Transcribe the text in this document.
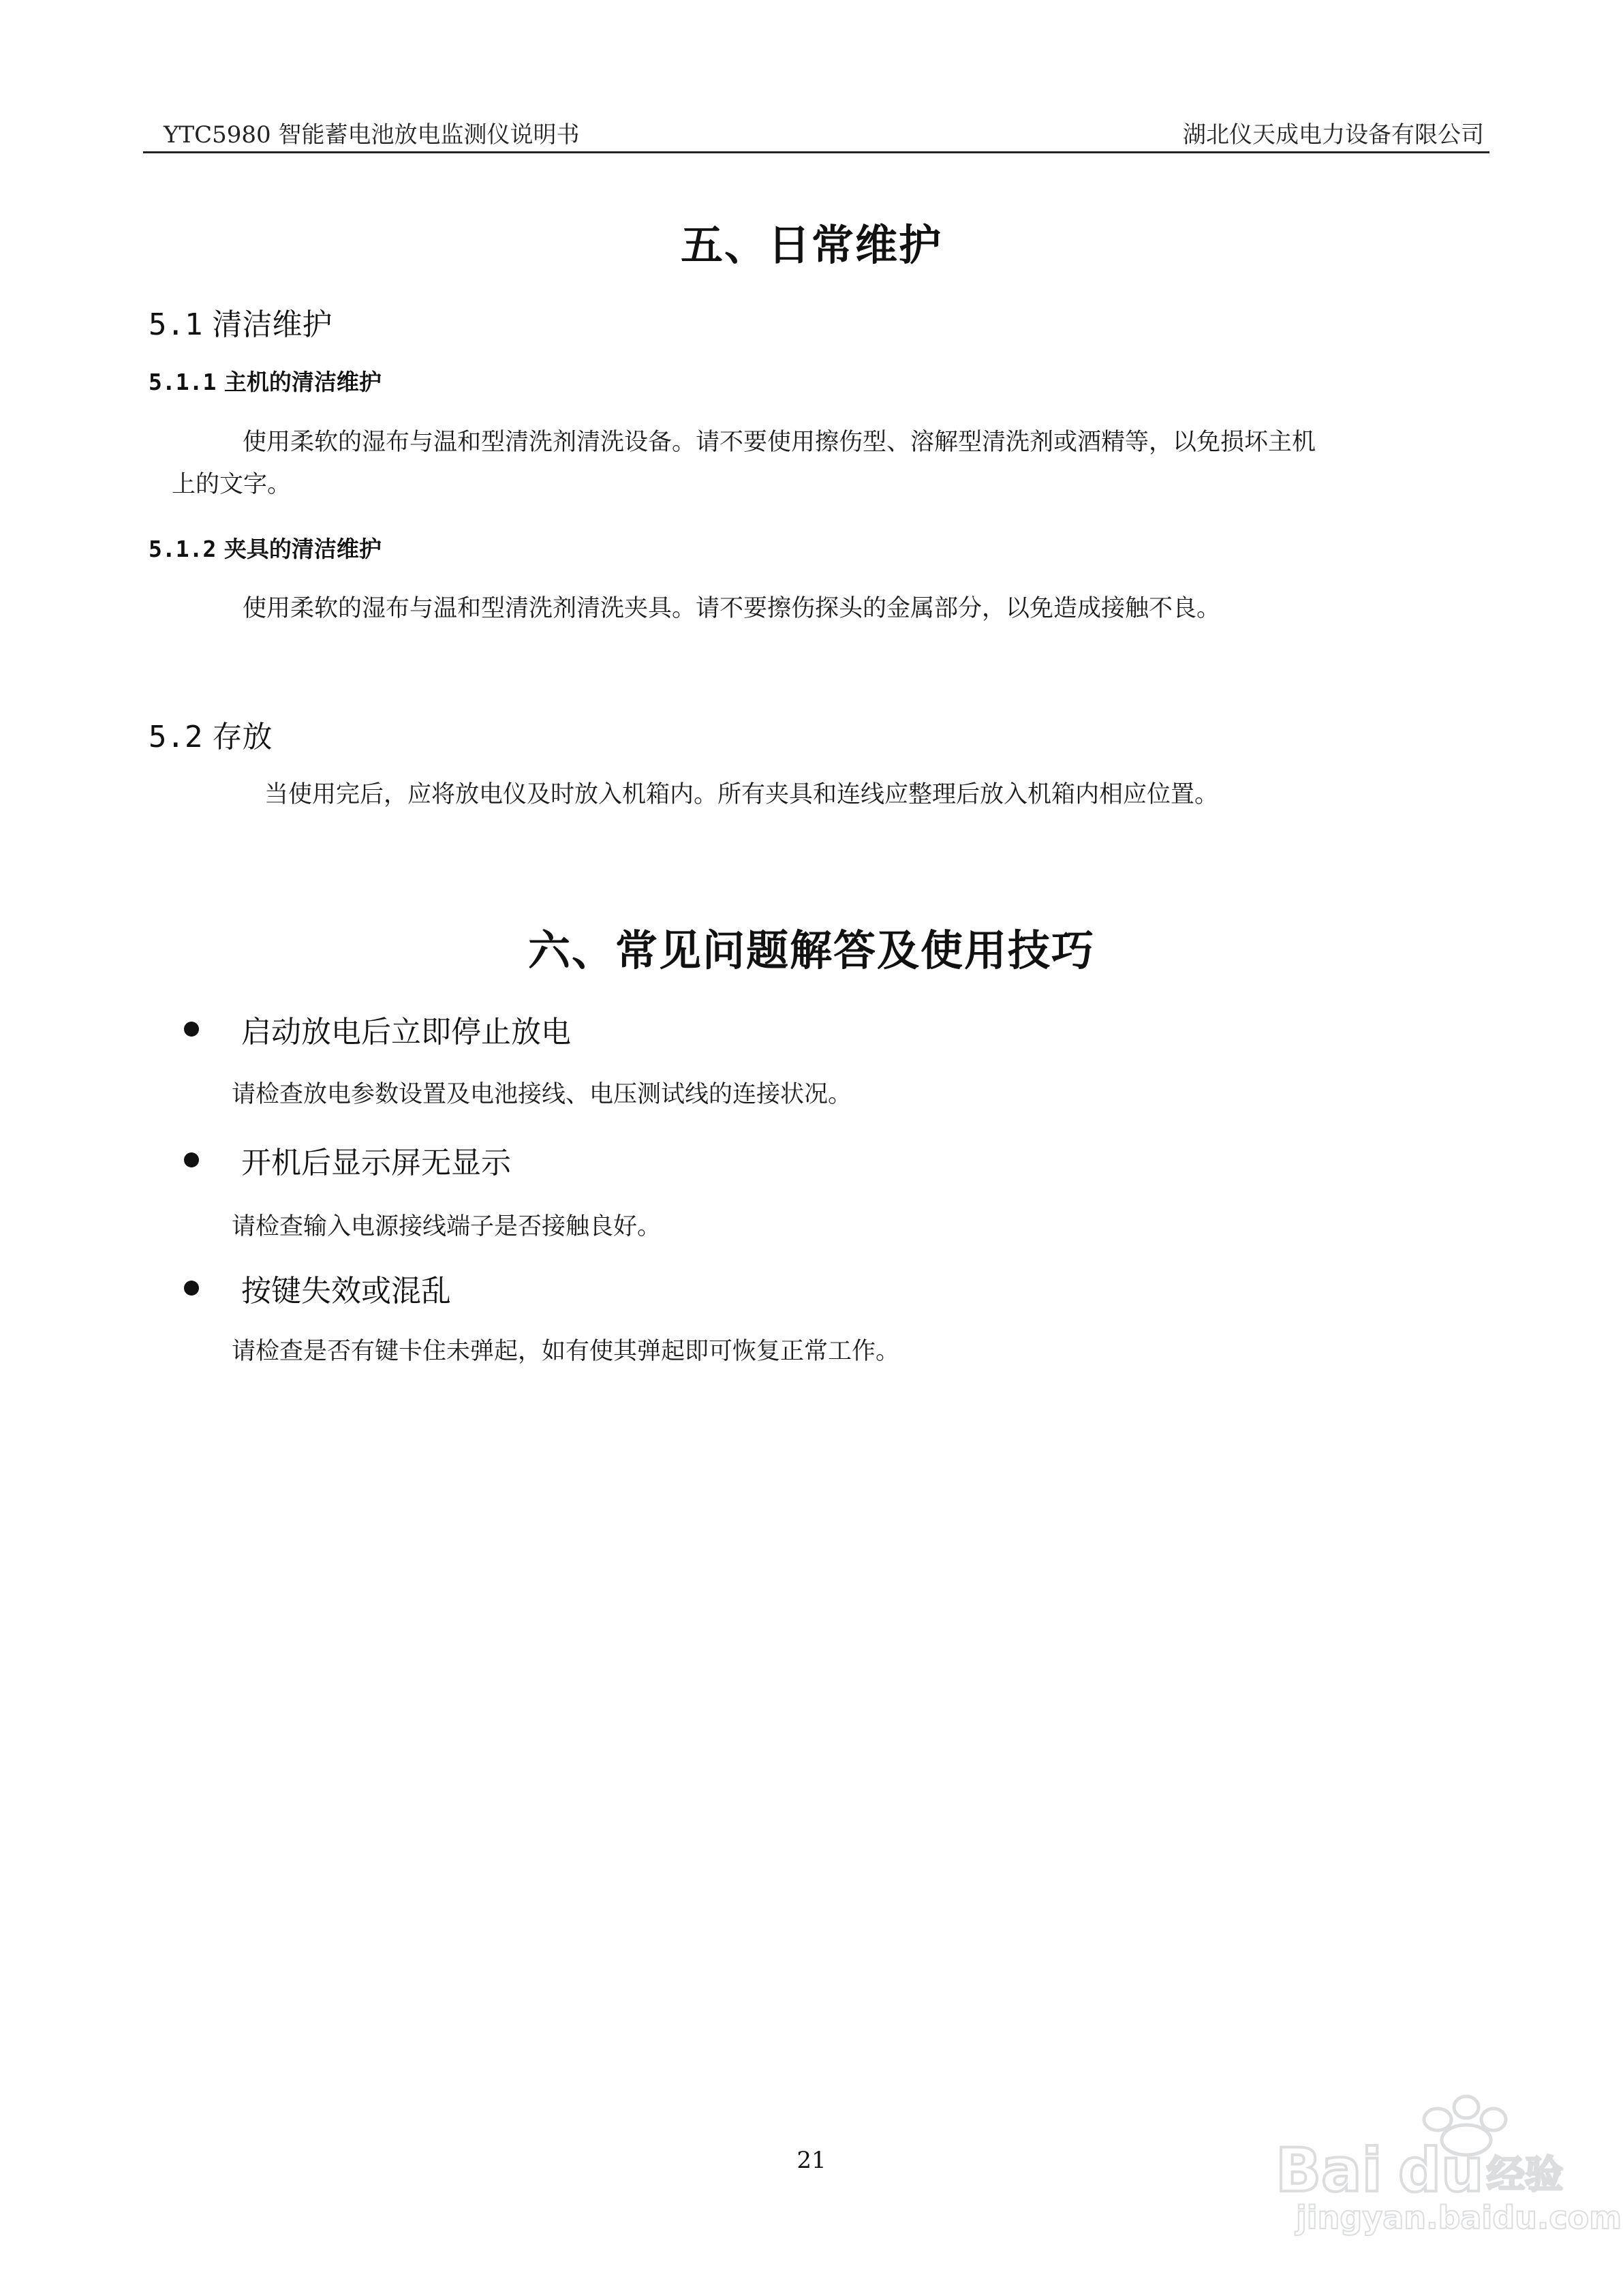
YTC5980 智能蓄电池放电监测仪说明书	湖北仪天成电力设备有限公司
五、日常维护
5.1 清洁维护
5.1.1 主机的清洁维护
使用柔软的湿布与温和型清洗剂清洗设备。请不要使用擦伤型、溶解型清洗剂或酒精等，以免损坏主机
上的文字。
5.1.2 夹具的清洁维护
使用柔软的湿布与温和型清洗剂清洗夹具。请不要擦伤探头的金属部分，以免造成接触不良。
5.2 存放
当使用完后，应将放电仪及时放入机箱内。所有夹具和连线应整理后放入机箱内相应位置。
六、常见问题解答及使用技巧
启动放电后立即停止放电
请检查放电参数设置及电池接线、电压测试线的连接状况。
开机后显示屏无显示
请检查输入电源接线端子是否接触良好。
按键失效或混乱
请检查是否有键卡住未弹起，如有使其弹起即可恢复正常工作。
21	Bai du 经验
jingyan.baidu.com
